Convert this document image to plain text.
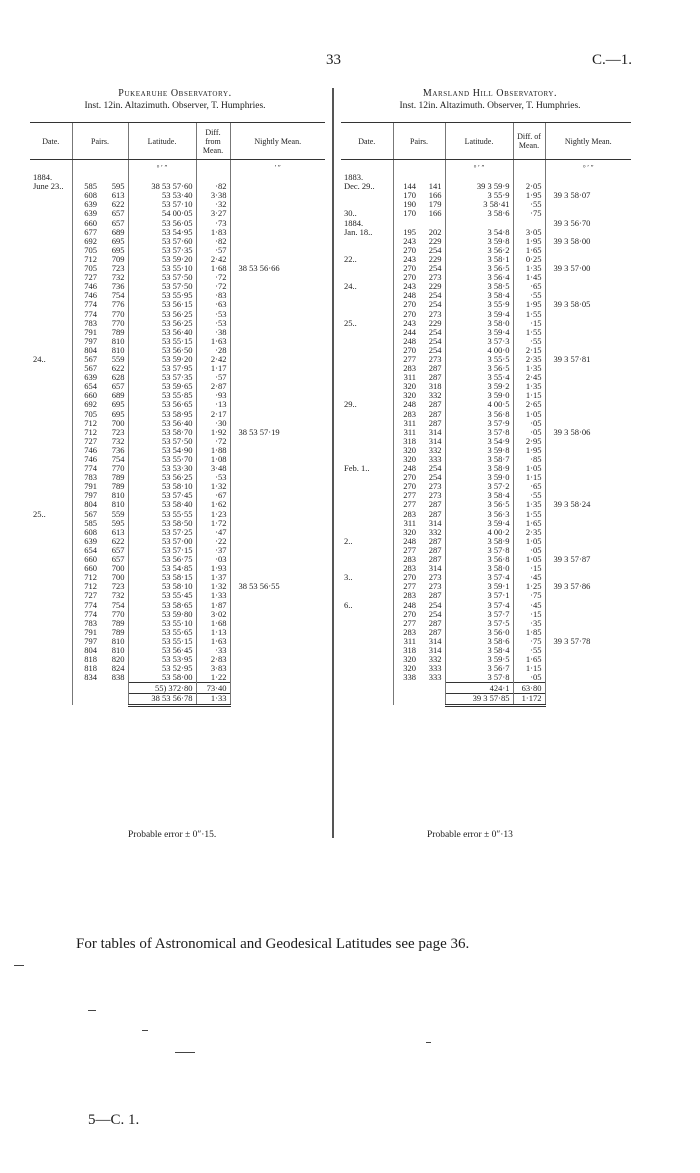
33	C.—1.
Pukearuhe Observatory.
Inst. 12in. Altazimuth. Observer, T. Humphries.
Marsland Hill Observatory.
Inst. 12in. Altazimuth. Observer, T. Humphries.
Date.	Pairs.		Latitude.	Diff. from Mean.	Nightly Mean.
			° ′ ″		′ ″
1884.					
June 23..	585	595	38 53 57·60	·82	
	608	613	53 53·40	3·38	
	639	622	53 57·10	·32	
	639	657	54 00·05	3·27	
	660	657	53 56·05	·73	
	677	689	53 54·95	1·83	
	692	695	53 57·60	·82	
	705	695	53 57·35	·57	
	712	709	53 59·20	2·42	
	705	723	53 55·10	1·68	38 53 56·66
	727	732	53 57·50	·72	
	746	736	53 57·50	·72	
	746	754	53 55·95	·83	
	774	776	53 56·15	·63	
	774	770	53 56·25	·53	
	783	770	53 56·25	·53	
	791	789	53 56·40	·38	
	797	810	53 55·15	1·63	
	804	810	53 56·50	·28	
24..	567	559	53 59·20	2·42	
	567	622	53 57·95	1·17	
	639	628	53 57·35	·57	
	654	657	53 59·65	2·87	
	660	689	53 55·85	·93	
	692	695	53 56·65	·13	
	705	695	53 58·95	2·17	
	712	700	53 56·40	·30	
	712	723	53 58·70	1·92	38 53 57·19
	727	732	53 57·50	·72	
	746	736	53 54·90	1·88	
	746	754	53 55·70	1·08	
	774	770	53 53·30	3·48	
	783	789	53 56·25	·53	
	791	789	53 58·10	1·32	
	797	810	53 57·45	·67	
	804	810	53 58·40	1·62	
25..	567	559	53 55·55	1·23	
	585	595	53 58·50	1·72	
	608	613	53 57·25	·47	
	639	622	53 57·00	·22	
	654	657	53 57·15	·37	
	660	657	53 56·75	·03	
	660	700	53 54·85	1·93	
	712	700	53 58·15	1·37	
	712	723	53 58·10	1·32	38 53 56·55
	727	732	53 55·45	1·33	
	774	754	53 58·65	1·87	
	774	770	53 59·80	3·02	
	783	789	53 55·10	1·68	
	791	789	53 55·65	1·13	
	797	810	53 55·15	1·63	
	804	810	53 56·45	·33	
	818	820	53 53·95	2·83	
	818	824	53 52·95	3·83	
	834	838	53 58·00	1·22	
			55) 372·80	73·40	
			38 53 56·78	1·33	
Date.	Pairs.		Latitude.	Diff. of Mean.	Nightly Mean.
			° ′ ″		° ′ ″
1883.					
Dec. 29..	144	141	39 3 59·9	2·05	
	170	166	3 55·9	1·95	39 3 58·07
	190	179	3 58·41	·55	
30..	170	166	3 58·6	·75	
1884.					39 3 56·70
Jan. 18..	195	202	3 54·8	3·05	
	243	229	3 59·8	1·95	39 3 58·00
	270	254	3 56·2	1·65	
22..	243	229	3 58·1	0·25	
	270	254	3 56·5	1·35	39 3 57·00
	270	273	3 56·4	1·45	
24..	243	229	3 58·5	·65	
	248	254	3 58·4	·55	
	270	254	3 55·9	1·95	39 3 58·05
	270	273	3 59·4	1·55	
25..	243	229	3 58·0	·15	
	244	254	3 59·4	1·55	
	248	254	3 57·3	·55	
	270	254	4 00·0	2·15	
	277	273	3 55·5	2·35	39 3 57·81
	283	287	3 56·5	1·35	
	311	287	3 55·4	2·45	
	320	318	3 59·2	1·35	
	320	332	3 59·0	1·15	
29..	248	287	4 00·5	2·65	
	283	287	3 56·8	1·05	
	311	287	3 57·9	·05	
	311	314	3 57·8	·05	39 3 58·06
	318	314	3 54·9	2·95	
	320	332	3 59·8	1·95	
	320	333	3 58·7	·85	
Feb. 1..	248	254	3 58·9	1·05	
	270	254	3 59·0	1·15	
	270	273	3 57·2	·65	
	277	273	3 58·4	·55	
	277	287	3 56·5	1·35	39 3 58·24
	283	287	3 56·3	1·55	
	311	314	3 59·4	1·65	
	320	332	4 00·2	2·35	
2..	248	287	3 58·9	1·05	
	277	287	3 57·8	·05	
	283	287	3 56·8	1·05	39 3 57·87
	283	314	3 58·0	·15	
3..	270	273	3 57·4	·45	
	277	273	3 59·1	1·25	39 3 57·86
	283	287	3 57·1	·75	
6..	248	254	3 57·4	·45	
	270	254	3 57·7	·15	
	277	287	3 57·5	·35	
	283	287	3 56·0	1·85	
	311	314	3 58·6	·75	39 3 57·78
	318	314	3 58·4	·55	
	320	332	3 59·5	1·65	
	320	333	3 56·7	1·15	
	338	333	3 57·8	·05	
			424·1	63·80	
			39 3 57·85	1·172	
Probable error ± 0″·15.	Probable error ± 0″·13
For tables of Astronomical and Geodesical Latitudes see page 36.
5—C. 1.
